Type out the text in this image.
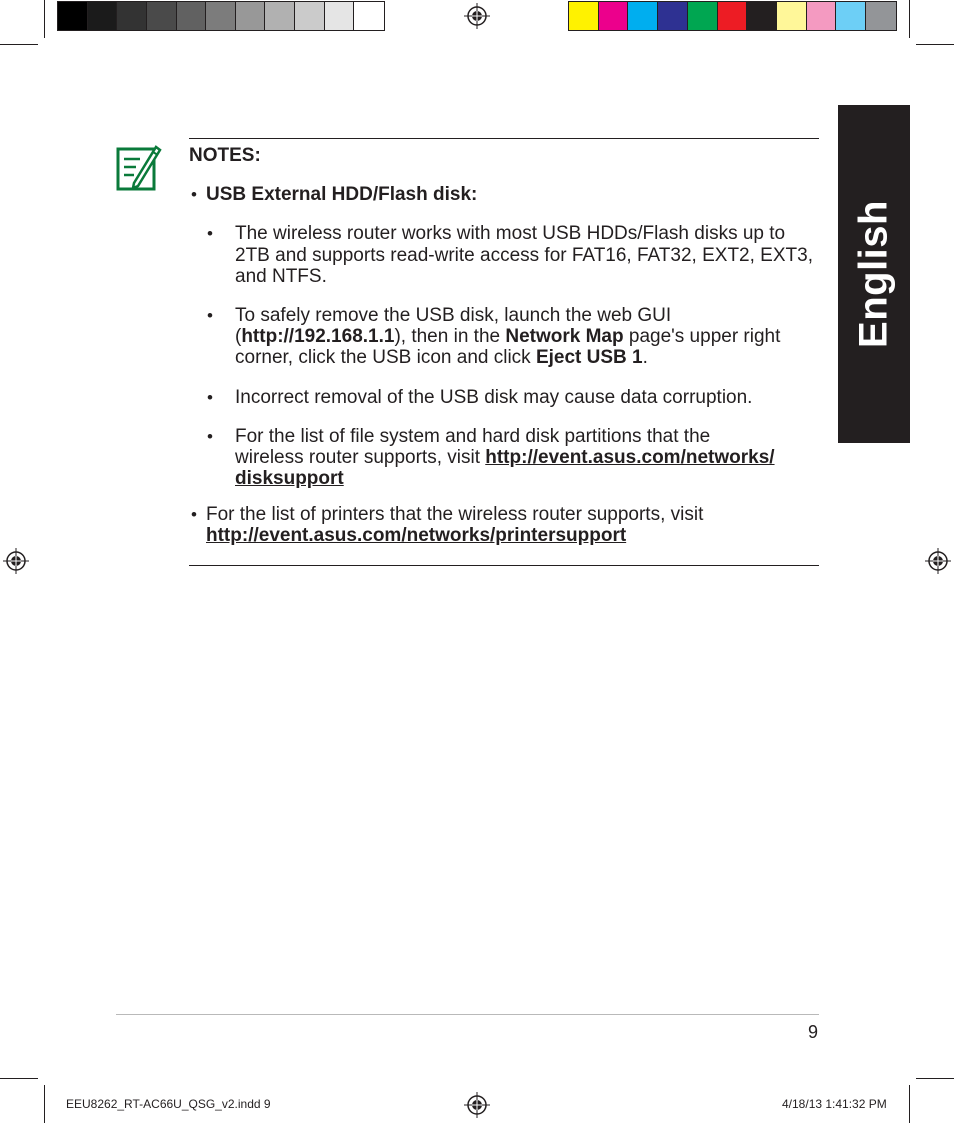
English
NOTES:
• USB External HDD/Flash disk:
• The wireless router works with most USB HDDs/Flash disks up to
2TB and supports read-write access for FAT16, FAT32, EXT2, EXT3,
and NTFS.
• To safely remove the USB disk, launch the web GUI
(http://192.168.1.1), then in the Network Map page's upper right
corner, click the USB icon and click Eject USB 1.
• Incorrect removal of the USB disk may cause data corruption.
• For the list of file system and hard disk partitions that the
wireless router supports, visit http://event.asus.com/networks/
disksupport
• For the list of printers that the wireless router supports, visit
http://event.asus.com/networks/printersupport
9
EEU8262_RT-AC66U_QSG_v2.indd 9	4/18/13 1:41:32 PM
